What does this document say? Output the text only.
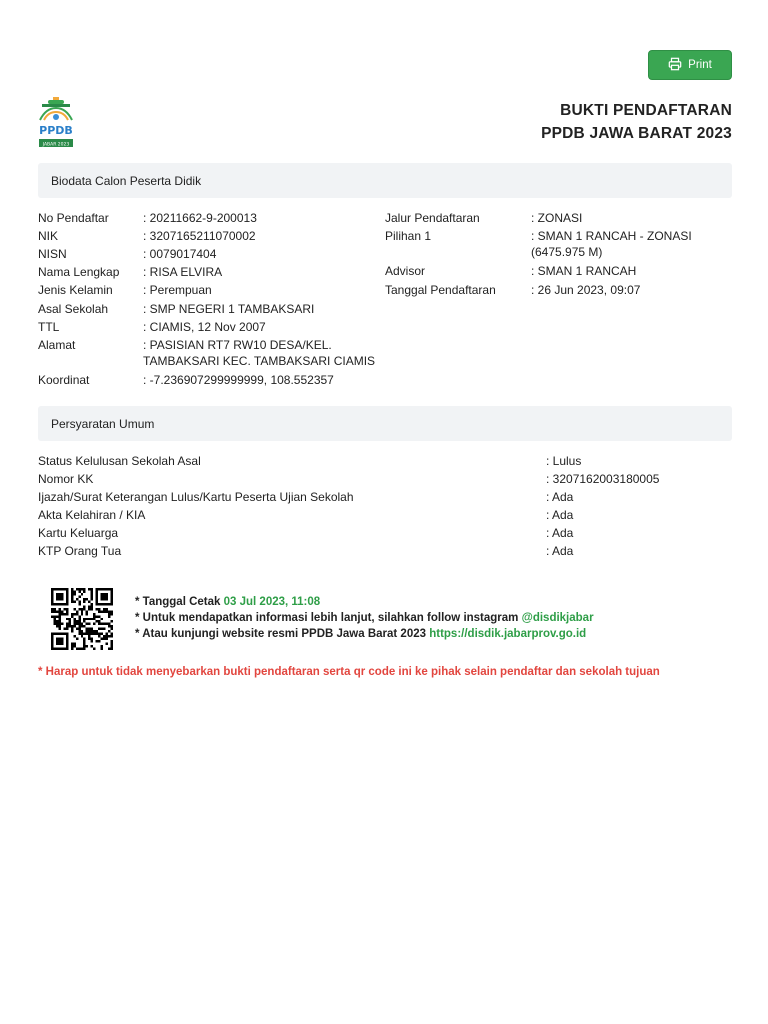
Print
PPDB
JABAR 2023
BUKTI PENDAFTARAN
PPDB JAWA BARAT 2023
Biodata Calon Peserta Didik
No Pendaftar	: 20211662-9-200013
NIK	: 3207165211070002
NISN	: 0079017404
Nama Lengkap : RISA ELVIRA
Jenis Kelamin	: Perempuan
Asal Sekolah	: SMP NEGERI 1 TAMBAKSARI
TTL	: CIAMIS, 12 Nov 2007
Alamat	: PASISIAN RT7 RW10 DESA/KEL.
TAMBAKSARI KEC. TAMBAKSARI CIAMIS
Koordinat	: -7.236907299999999, 108.552357
Jalur Pendaftaran	: ZONASI
Pilihan 1	: SMAN 1 RANCAH - ZONASI
(6475.975 M)
Advisor	: SMAN 1 RANCAH
Tanggal Pendaftaran	: 26 Jun 2023, 09:07
Persyaratan Umum
Status Kelulusan Sekolah Asal	: Lulus
Nomor KK	: 3207162003180005
Ijazah/Surat Keterangan Lulus/Kartu Peserta Ujian Sekolah	: Ada
Akta Kelahiran / KIA	: Ada
Kartu Keluarga	: Ada
KTP Orang Tua	: Ada
* Tanggal Cetak 03 Jul 2023, 11:08
* Untuk mendapatkan informasi lebih lanjut, silahkan follow instagram @disdikjabar
* Atau kunjungi website resmi PPDB Jawa Barat 2023 https://disdik.jabarprov.go.id
* Harap untuk tidak menyebarkan bukti pendaftaran serta qr code ini ke pihak selain pendaftar dan sekolah tujuan
